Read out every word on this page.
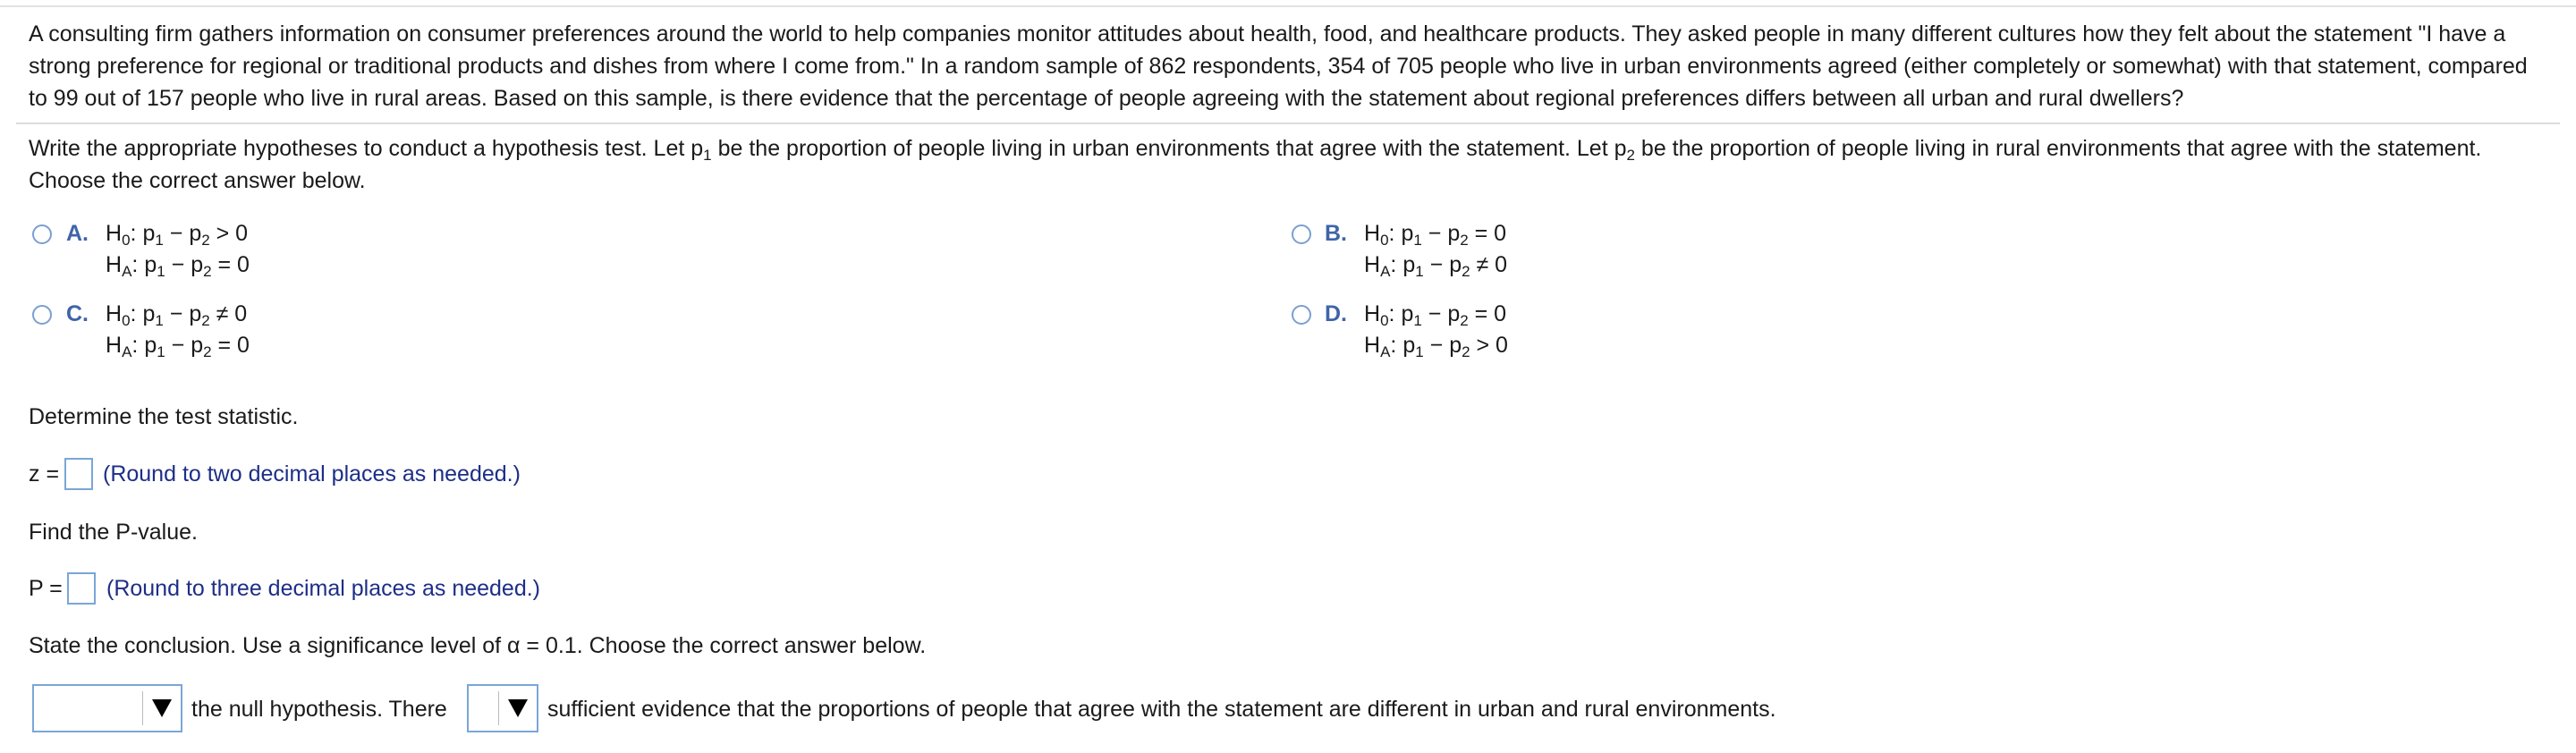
A consulting firm gathers information on consumer preferences around the world to help companies monitor attitudes about health, food, and healthcare products. They asked people in many different cultures how they felt about the statement "I have a strong preference for regional or traditional products and dishes from where I come from." In a random sample of 862 respondents, 354 of 705 people who live in urban environments agreed (either completely or somewhat) with that statement, compared to 99 out of 157 people who live in rural areas. Based on this sample, is there evidence that the percentage of people agreeing with the statement about regional preferences differs between all urban and rural dwellers?
Write the appropriate hypotheses to conduct a hypothesis test. Let $p_1$ be the proportion of people living in urban environments that agree with the statement. Let $p_2$ be the proportion of people living in rural environments that agree with the statement. Choose the correct answer below.
A. $H_0$: $p_1 - p_2 > 0$
$H_A$: $p_1 - p_2 = 0$
B. $H_0$: $p_1 - p_2 = 0$
$H_A$: $p_1 - p_2 \ne 0$
C. $H_0$: $p_1 - p_2 \ne 0$
$H_A$: $p_1 - p_2 = 0$
D. $H_0$: $p_1 - p_2 = 0$
$H_A$: $p_1 - p_2 > 0$
Determine the test statistic.
z = (Round to two decimal places as needed.)
Find the P-value.
P = (Round to three decimal places as needed.)
State the conclusion. Use a significance level of α = 0.1. Choose the correct answer below.
the null hypothesis. There	sufficient evidence that the proportions of people that agree with the statement are different in urban and rural environments.
